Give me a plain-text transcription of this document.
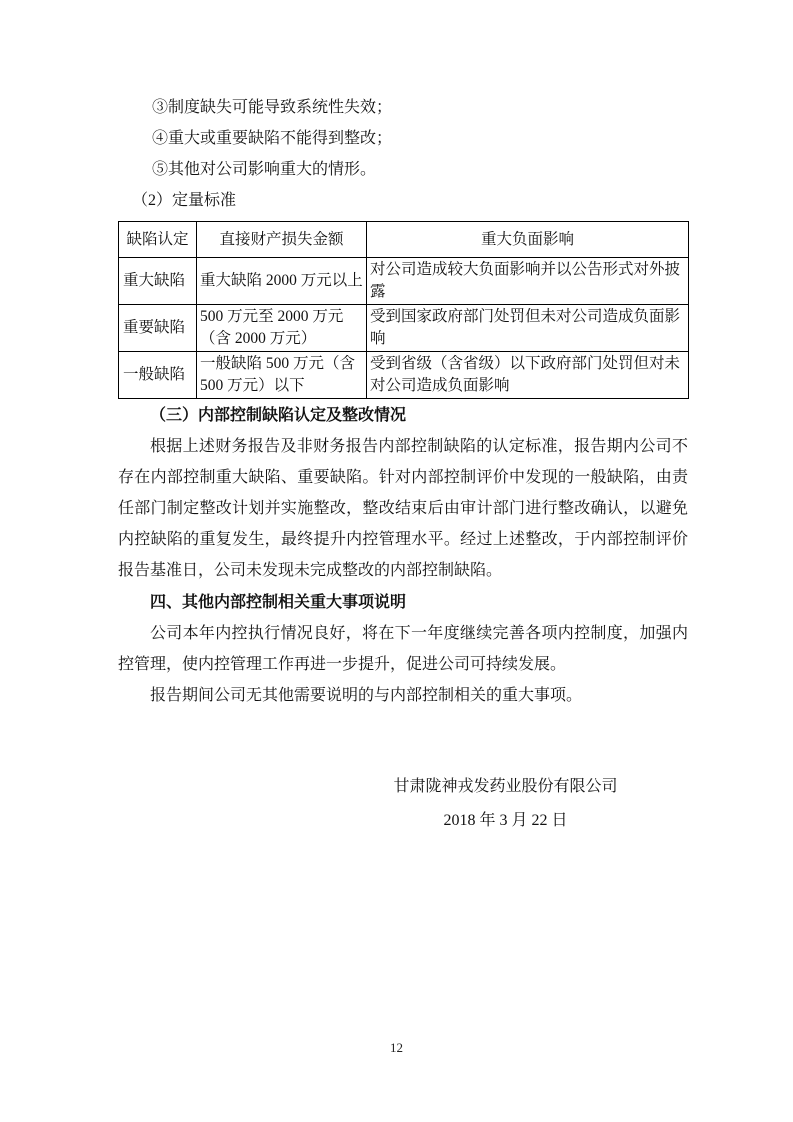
③制度缺失可能导致系统性失效；

④重大或重要缺陷不能得到整改；

⑤其他对公司影响重大的情形。

（2）定量标准

缺陷认定	直接财产损失金额	重大负面影响
重大缺陷	重大缺陷 2000 万元以上	对公司造成较大负面影响并以公告形式对外披露
重要缺陷	500 万元至 2000 万元（含 2000 万元）	受到国家政府部门处罚但未对公司造成负面影响
一般缺陷	一般缺陷 500 万元（含 500 万元）以下	受到省级（含省级）以下政府部门处罚但对未对公司造成负面影响
（三）内部控制缺陷认定及整改情况

根据上述财务报告及非财务报告内部控制缺陷的认定标准，报告期内公司不存在内部控制重大缺陷、重要缺陷。针对内部控制评价中发现的一般缺陷，由责任部门制定整改计划并实施整改，整改结束后由审计部门进行整改确认，以避免内控缺陷的重复发生，最终提升内控管理水平。经过上述整改，于内部控制评价报告基准日，公司未发现未完成整改的内部控制缺陷。

四、其他内部控制相关重大事项说明

公司本年内控执行情况良好，将在下一年度继续完善各项内控制度，加强内控管理，使内控管理工作再进一步提升，促进公司可持续发展。

报告期间公司无其他需要说明的与内部控制相关的重大事项。

甘肃陇神戎发药业股份有限公司

2018 年 3 月 22 日

12
